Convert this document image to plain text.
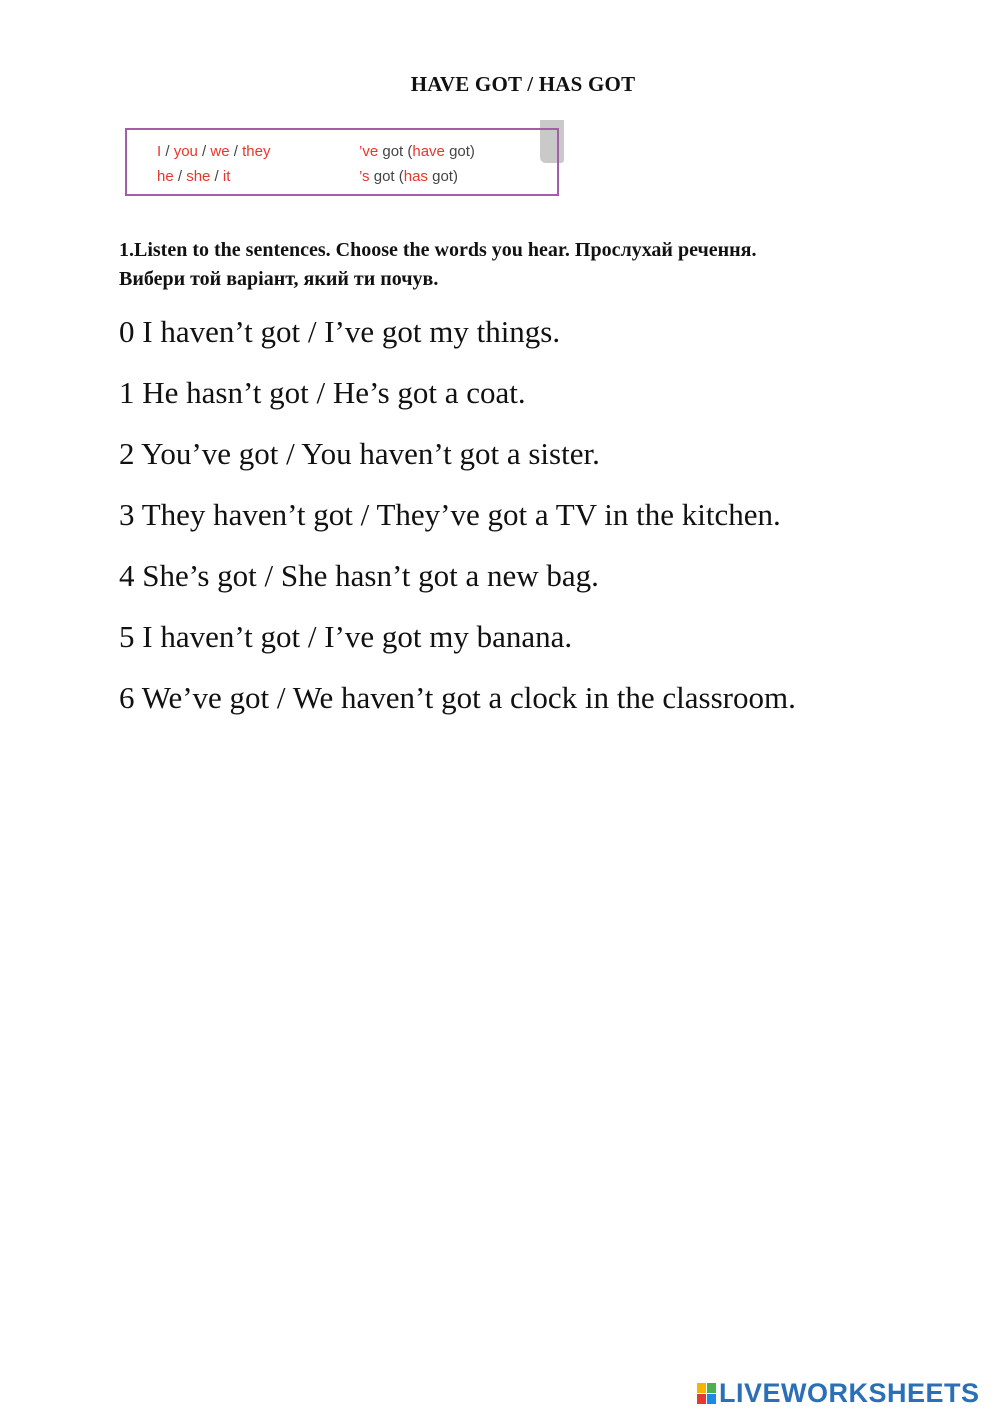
HAVE GOT / HAS GOT
I / you / we / they	’ve got (have got)
he / she / it	’s got (has got)
1.Listen to the sentences. Choose the words you hear. Прослухай речення.
Вибери той варіант, який ти почув.
0 I haven’t got / I’ve got my things.
1 He hasn’t got / He’s got a coat.
2 You’ve got / You haven’t got a sister.
3 They haven’t got / They’ve got a TV in the kitchen.
4 She’s got / She hasn’t got a new bag.
5 I haven’t got / I’ve got my banana.
6 We’ve got / We haven’t got a clock in the classroom.
LIVEWORKSHEETS
